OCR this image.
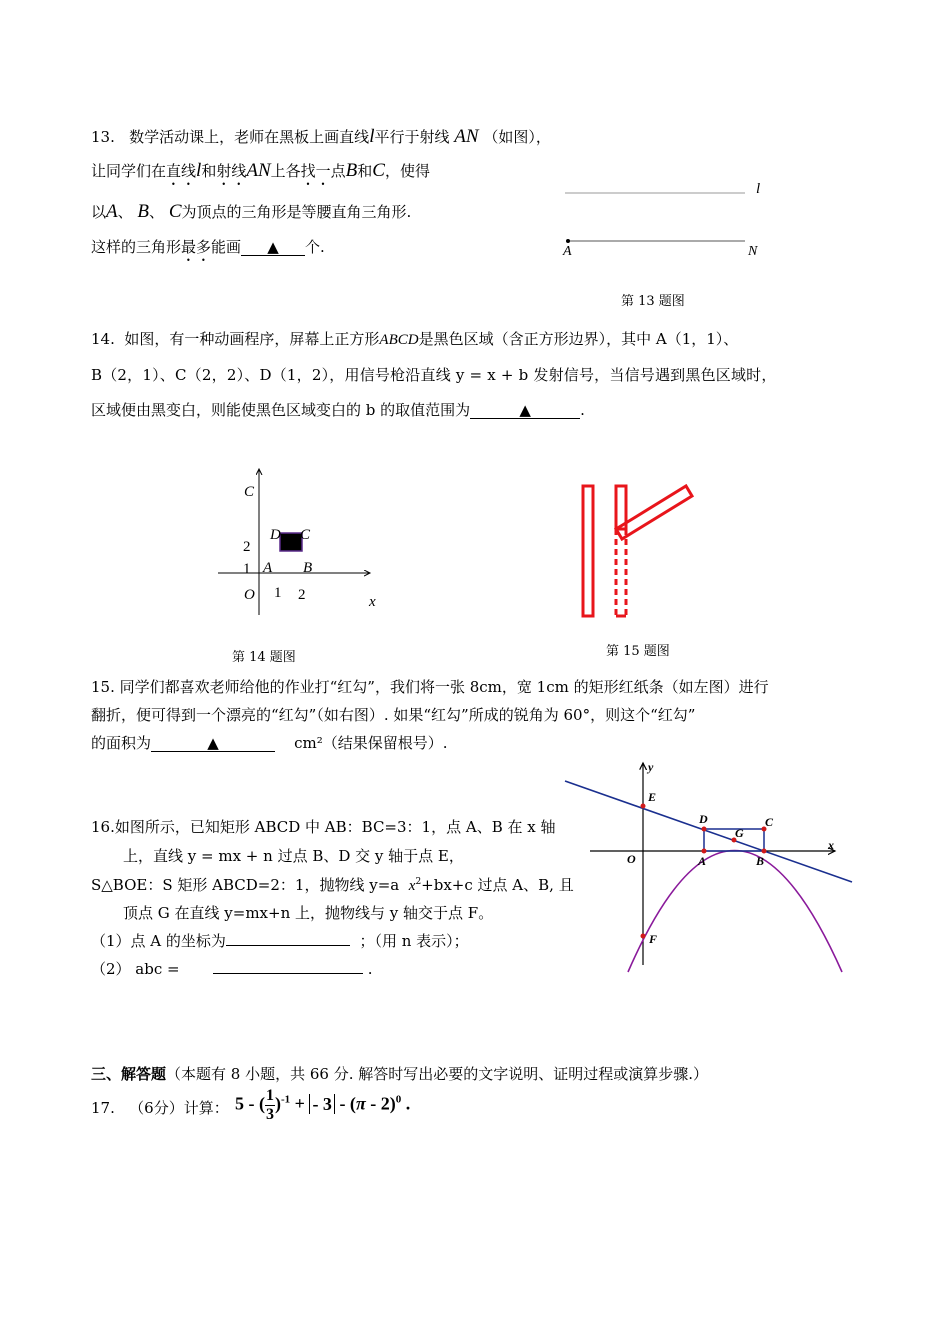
13. 数学活动课上，老师在黑板上画直线l平行于射线 AN （如图），
让同学们在直线l和射线AN上各找一点B和C，使得
以A、 B、 C为顶点的三角形是等腰直角三角形.
这样的三角形最多能画 ▲ 个.
l
A	N
第 13 题图
14. 如图，有一种动画程序，屏幕上正方形ABCD是黑色区域（含正方形边界），其中 A（1，1）、
B（2，1）、C（2，2）、D（1，2），用信号枪沿直线 y = x + b 发射信号，当信号遇到黑色区域时，
区域便由黑变白，则能使黑色区域变白的 b 的取值范围为	▲	.
C
x
O 1 2
1
2
A B
C
D
第 14 题图	第 15 题图
15. 同学们都喜欢老师给他的作业打“红勾”，我们将一张 8cm，宽 1cm 的矩形红纸条（如左图）进行
翻折，便可得到一个漂亮的“红勾”（如右图）. 如果“红勾”所成的锐角为 60°，则这个“红勾”
的面积为	▲	cm²（结果保留根号）.
16.如图所示，已知矩形 ABCD 中 AB：BC=3：1，点 A、B 在 x 轴
上，直线 y = mx + n 过点 B、D 交 y 轴于点 E，
S△BOE：S 矩形 ABCD=2：1，抛物线 y=a $x^2+bx+c$ 过点 A、B, 且
顶点 G 在直线 y=mx+n 上，抛物线与 y 轴交于点 F。
（1）点 A 的坐标为	；（用 n 表示）；
（2） abc =	.
y
x
E
D	C
G
O	A	B
F
三、解答题（本题有 8 小题，共 66 分. 解答时写出必要的文字说明、证明过程或演算步骤.）
17. （6分）计算： 5 - ( $\frac{1}{3} )^{-1}$ + - 3 - (π - 2)$^0$ .
